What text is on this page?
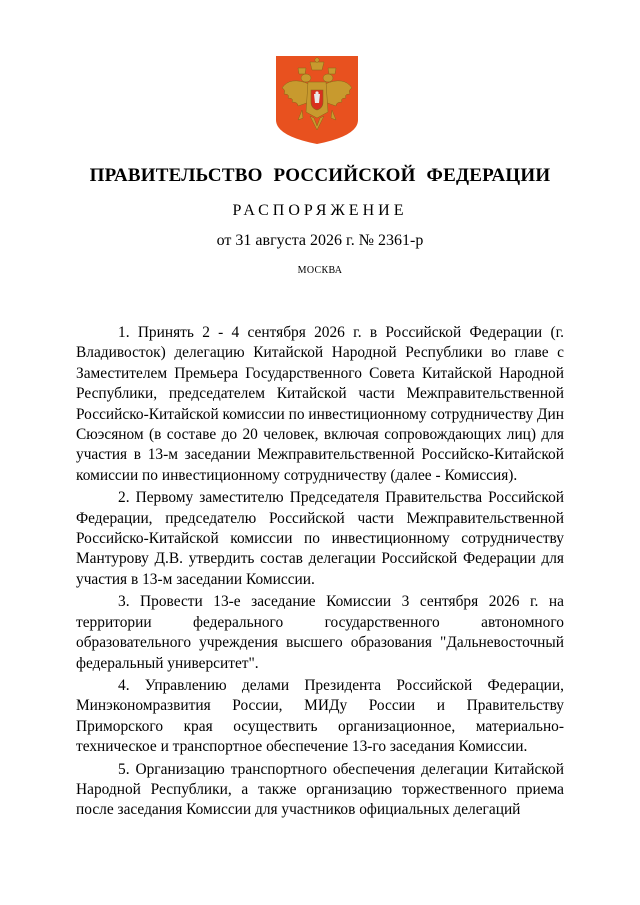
ПРАВИТЕЛЬСТВО РОССИЙСКОЙ ФЕДЕРАЦИИ
РАСПОРЯЖЕНИЕ
от 31 августа 2026 г. № 2361-р
МОСКВА

1. Принять 2 - 4 сентября 2026 г. в Российской Федерации (г. Владивосток) делегацию Китайской Народной Республики во главе с Заместителем Премьера Государственного Совета Китайской Народной Республики, председателем Китайской части Межправительственной Российско-Китайской комиссии по инвестиционному сотрудничеству Дин Сюэсяном (в составе до 20 человек, включая сопровождающих лиц) для участия в 13-м заседании Межправительственной Российско-Китайской комиссии по инвестиционному сотрудничеству (далее - Комиссия).

2. Первому заместителю Председателя Правительства Российской Федерации, председателю Российской части Межправительственной Российско-Китайской комиссии по инвестиционному сотрудничеству Мантурову Д.В. утвердить состав делегации Российской Федерации для участия в 13-м заседании Комиссии.

3. Провести 13-е заседание Комиссии 3 сентября 2026 г. на территории федерального государственного автономного образовательного учреждения высшего образования "Дальневосточный федеральный университет".

4. Управлению делами Президента Российской Федерации, Минэкономразвития России, МИДу России и Правительству Приморского края осуществить организационное, материально-техническое и транспортное обеспечение 13-го заседания Комиссии.

5. Организацию транспортного обеспечения делегации Китайской Народной Республики, а также организацию торжественного приема после заседания Комиссии для участников официальных делегаций
